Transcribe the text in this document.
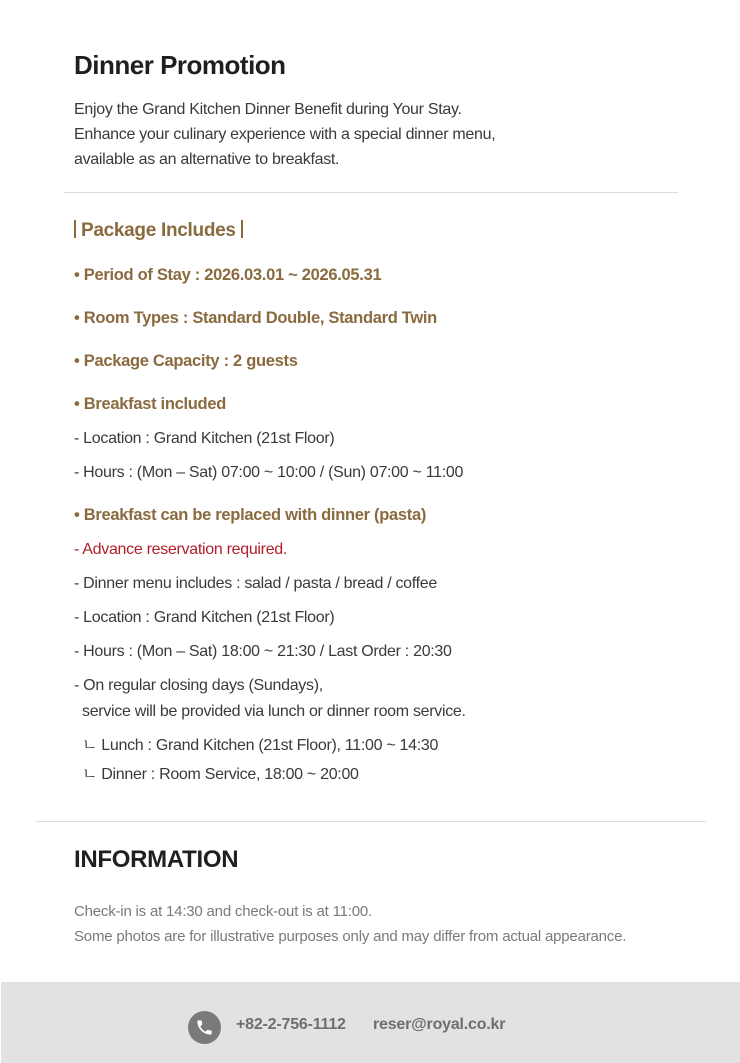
Dinner Promotion
Enjoy the Grand Kitchen Dinner Benefit during Your Stay.
Enhance your culinary experience with a special dinner menu,
available as an alternative to breakfast.
Package Includes
• Period of Stay : 2026.03.01 ~ 2026.05.31
• Room Types : Standard Double, Standard Twin
• Package Capacity : 2 guests
• Breakfast included
- Location : Grand Kitchen (21st Floor)
- Hours : (Mon – Sat) 07:00 ~ 10:00 / (Sun) 07:00 ~ 11:00
• Breakfast can be replaced with dinner (pasta)
- Advance reservation required.
- Dinner menu includes : salad / pasta / bread / coffee
- Location : Grand Kitchen (21st Floor)
- Hours : (Mon – Sat) 18:00 ~ 21:30 / Last Order : 20:30
- On regular closing days (Sundays),
service will be provided via lunch or dinner room service.
ㄴ Lunch : Grand Kitchen (21st Floor), 11:00 ~ 14:30
ㄴ Dinner : Room Service, 18:00 ~ 20:00
INFORMATION
Check-in is at 14:30 and check-out is at 11:00.
Some photos are for illustrative purposes only and may differ from actual appearance.
+82-2-756-1112 reser@royal.co.kr
